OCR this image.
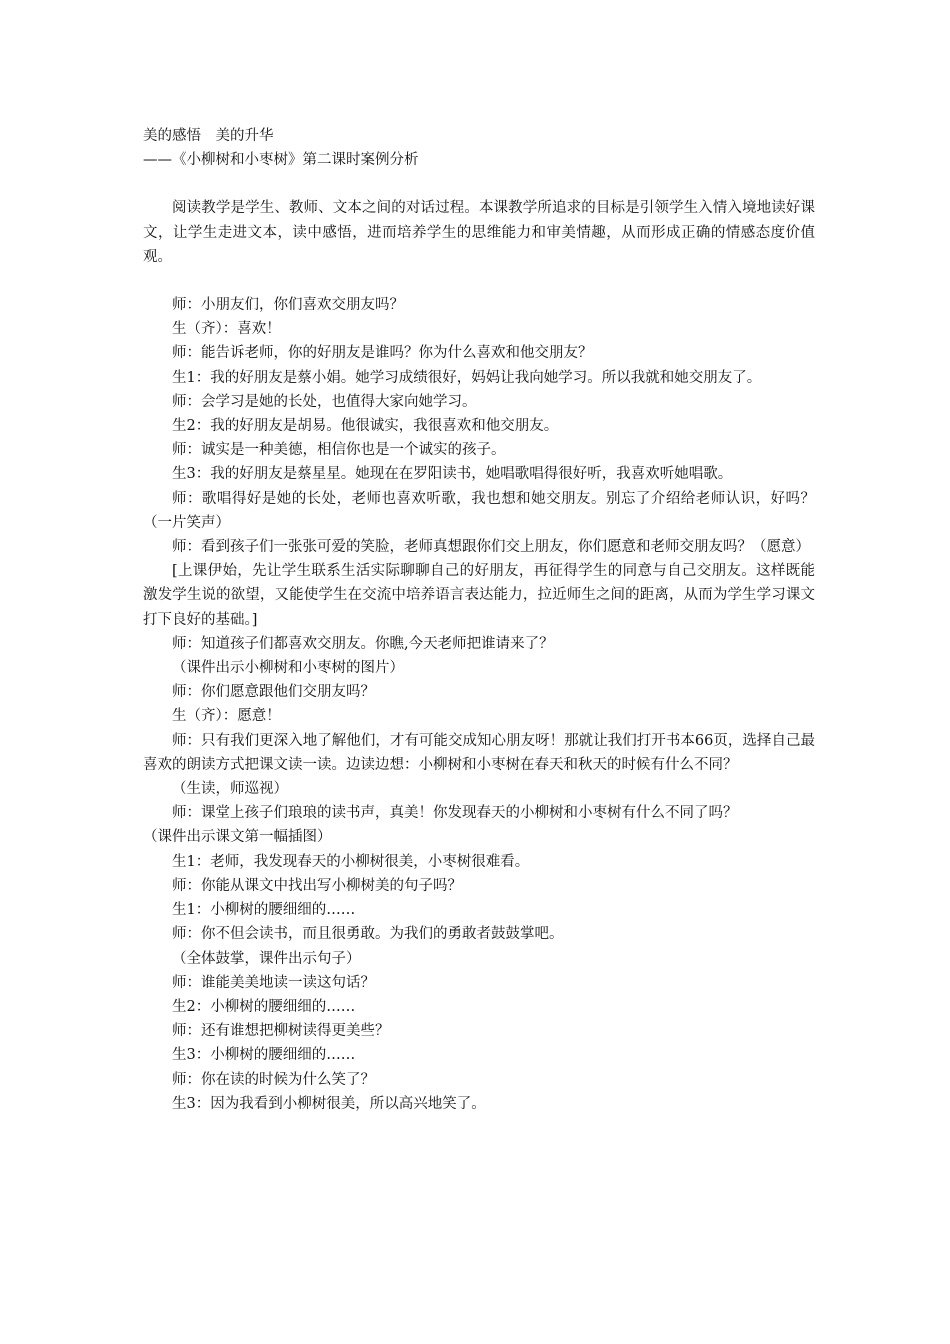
美的感悟　美的升华

——《小柳树和小枣树》第二课时案例分析

阅读教学是学生、教师、文本之间的对话过程。本课教学所追求的目标是引领学生入情入境地读好课文，让学生走进文本，读中感悟，进而培养学生的思维能力和审美情趣，从而形成正确的情感态度价值观。

师：小朋友们，你们喜欢交朋友吗？

生（齐）：喜欢！

师：能告诉老师，你的好朋友是谁吗？你为什么喜欢和他交朋友？

生1：我的好朋友是蔡小娟。她学习成绩很好，妈妈让我向她学习。所以我就和她交朋友了。

师：会学习是她的长处，也值得大家向她学习。

生2：我的好朋友是胡易。他很诚实，我很喜欢和他交朋友。

师：诚实是一种美德，相信你也是一个诚实的孩子。

生3：我的好朋友是蔡星星。她现在在罗阳读书，她唱歌唱得很好听，我喜欢听她唱歌。

师：歌唱得好是她的长处，老师也喜欢听歌，我也想和她交朋友。别忘了介绍给老师认识，好吗？（一片笑声）

师：看到孩子们一张张可爱的笑脸，老师真想跟你们交上朋友，你们愿意和老师交朋友吗？（愿意）

[上课伊始，先让学生联系生活实际聊聊自己的好朋友，再征得学生的同意与自己交朋友。这样既能激发学生说的欲望，又能使学生在交流中培养语言表达能力，拉近师生之间的距离，从而为学生学习课文打下良好的基础。]

师：知道孩子们都喜欢交朋友。你瞧,今天老师把谁请来了？

（课件出示小柳树和小枣树的图片）

师：你们愿意跟他们交朋友吗？

生（齐）：愿意！

师：只有我们更深入地了解他们，才有可能交成知心朋友呀！那就让我们打开书本66页，选择自己最喜欢的朗读方式把课文读一读。边读边想：小柳树和小枣树在春天和秋天的时候有什么不同？

（生读，师巡视）

师：课堂上孩子们琅琅的读书声，真美！你发现春天的小柳树和小枣树有什么不同了吗？

（课件出示课文第一幅插图）

生1：老师，我发现春天的小柳树很美，小枣树很难看。

师：你能从课文中找出写小柳树美的句子吗？

生1：小柳树的腰细细的……

师：你不但会读书，而且很勇敢。为我们的勇敢者鼓鼓掌吧。

（全体鼓掌，课件出示句子）

师：谁能美美地读一读这句话？

生2：小柳树的腰细细的……

师：还有谁想把柳树读得更美些？

生3：小柳树的腰细细的……

师：你在读的时候为什么笑了？

生3：因为我看到小柳树很美，所以高兴地笑了。
